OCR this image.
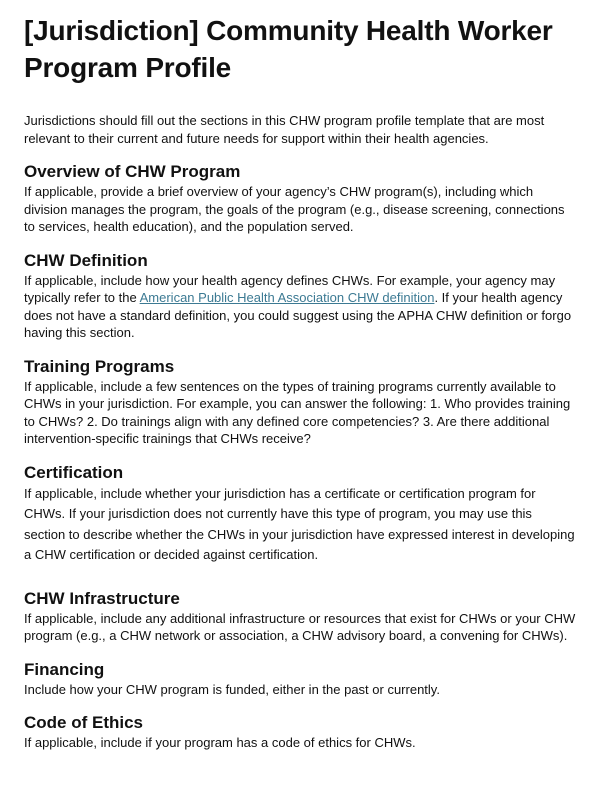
[Jurisdiction] Community Health Worker
Program Profile

Jurisdictions should fill out the sections in this CHW program profile template that are most relevant to their current and future needs for support within their health agencies.

Overview of CHW Program

If applicable, provide a brief overview of your agency’s CHW program(s), including which division manages the program, the goals of the program (e.g., disease screening, connections to services, health education), and the population served.

CHW Definition

If applicable, include how your health agency defines CHWs. For example, your agency may typically refer to the American Public Health Association CHW definition. If your health agency does not have a standard definition, you could suggest using the APHA CHW definition or forgo having this section.

Training Programs

If applicable, include a few sentences on the types of training programs currently available to CHWs in your jurisdiction. For example, you can answer the following: 1. Who provides training to CHWs? 2. Do trainings align with any defined core competencies? 3. Are there additional intervention-specific trainings that CHWs receive?

Certification

If applicable, include whether your jurisdiction has a certificate or certification program for CHWs. If your jurisdiction does not currently have this type of program, you may use this section to describe whether the CHWs in your jurisdiction have expressed interest in developing a CHW certification or decided against certification.

CHW Infrastructure

If applicable, include any additional infrastructure or resources that exist for CHWs or your CHW program (e.g., a CHW network or association, a CHW advisory board, a convening for CHWs).

Financing

Include how your CHW program is funded, either in the past or currently.

Code of Ethics

If applicable, include if your program has a code of ethics for CHWs.
